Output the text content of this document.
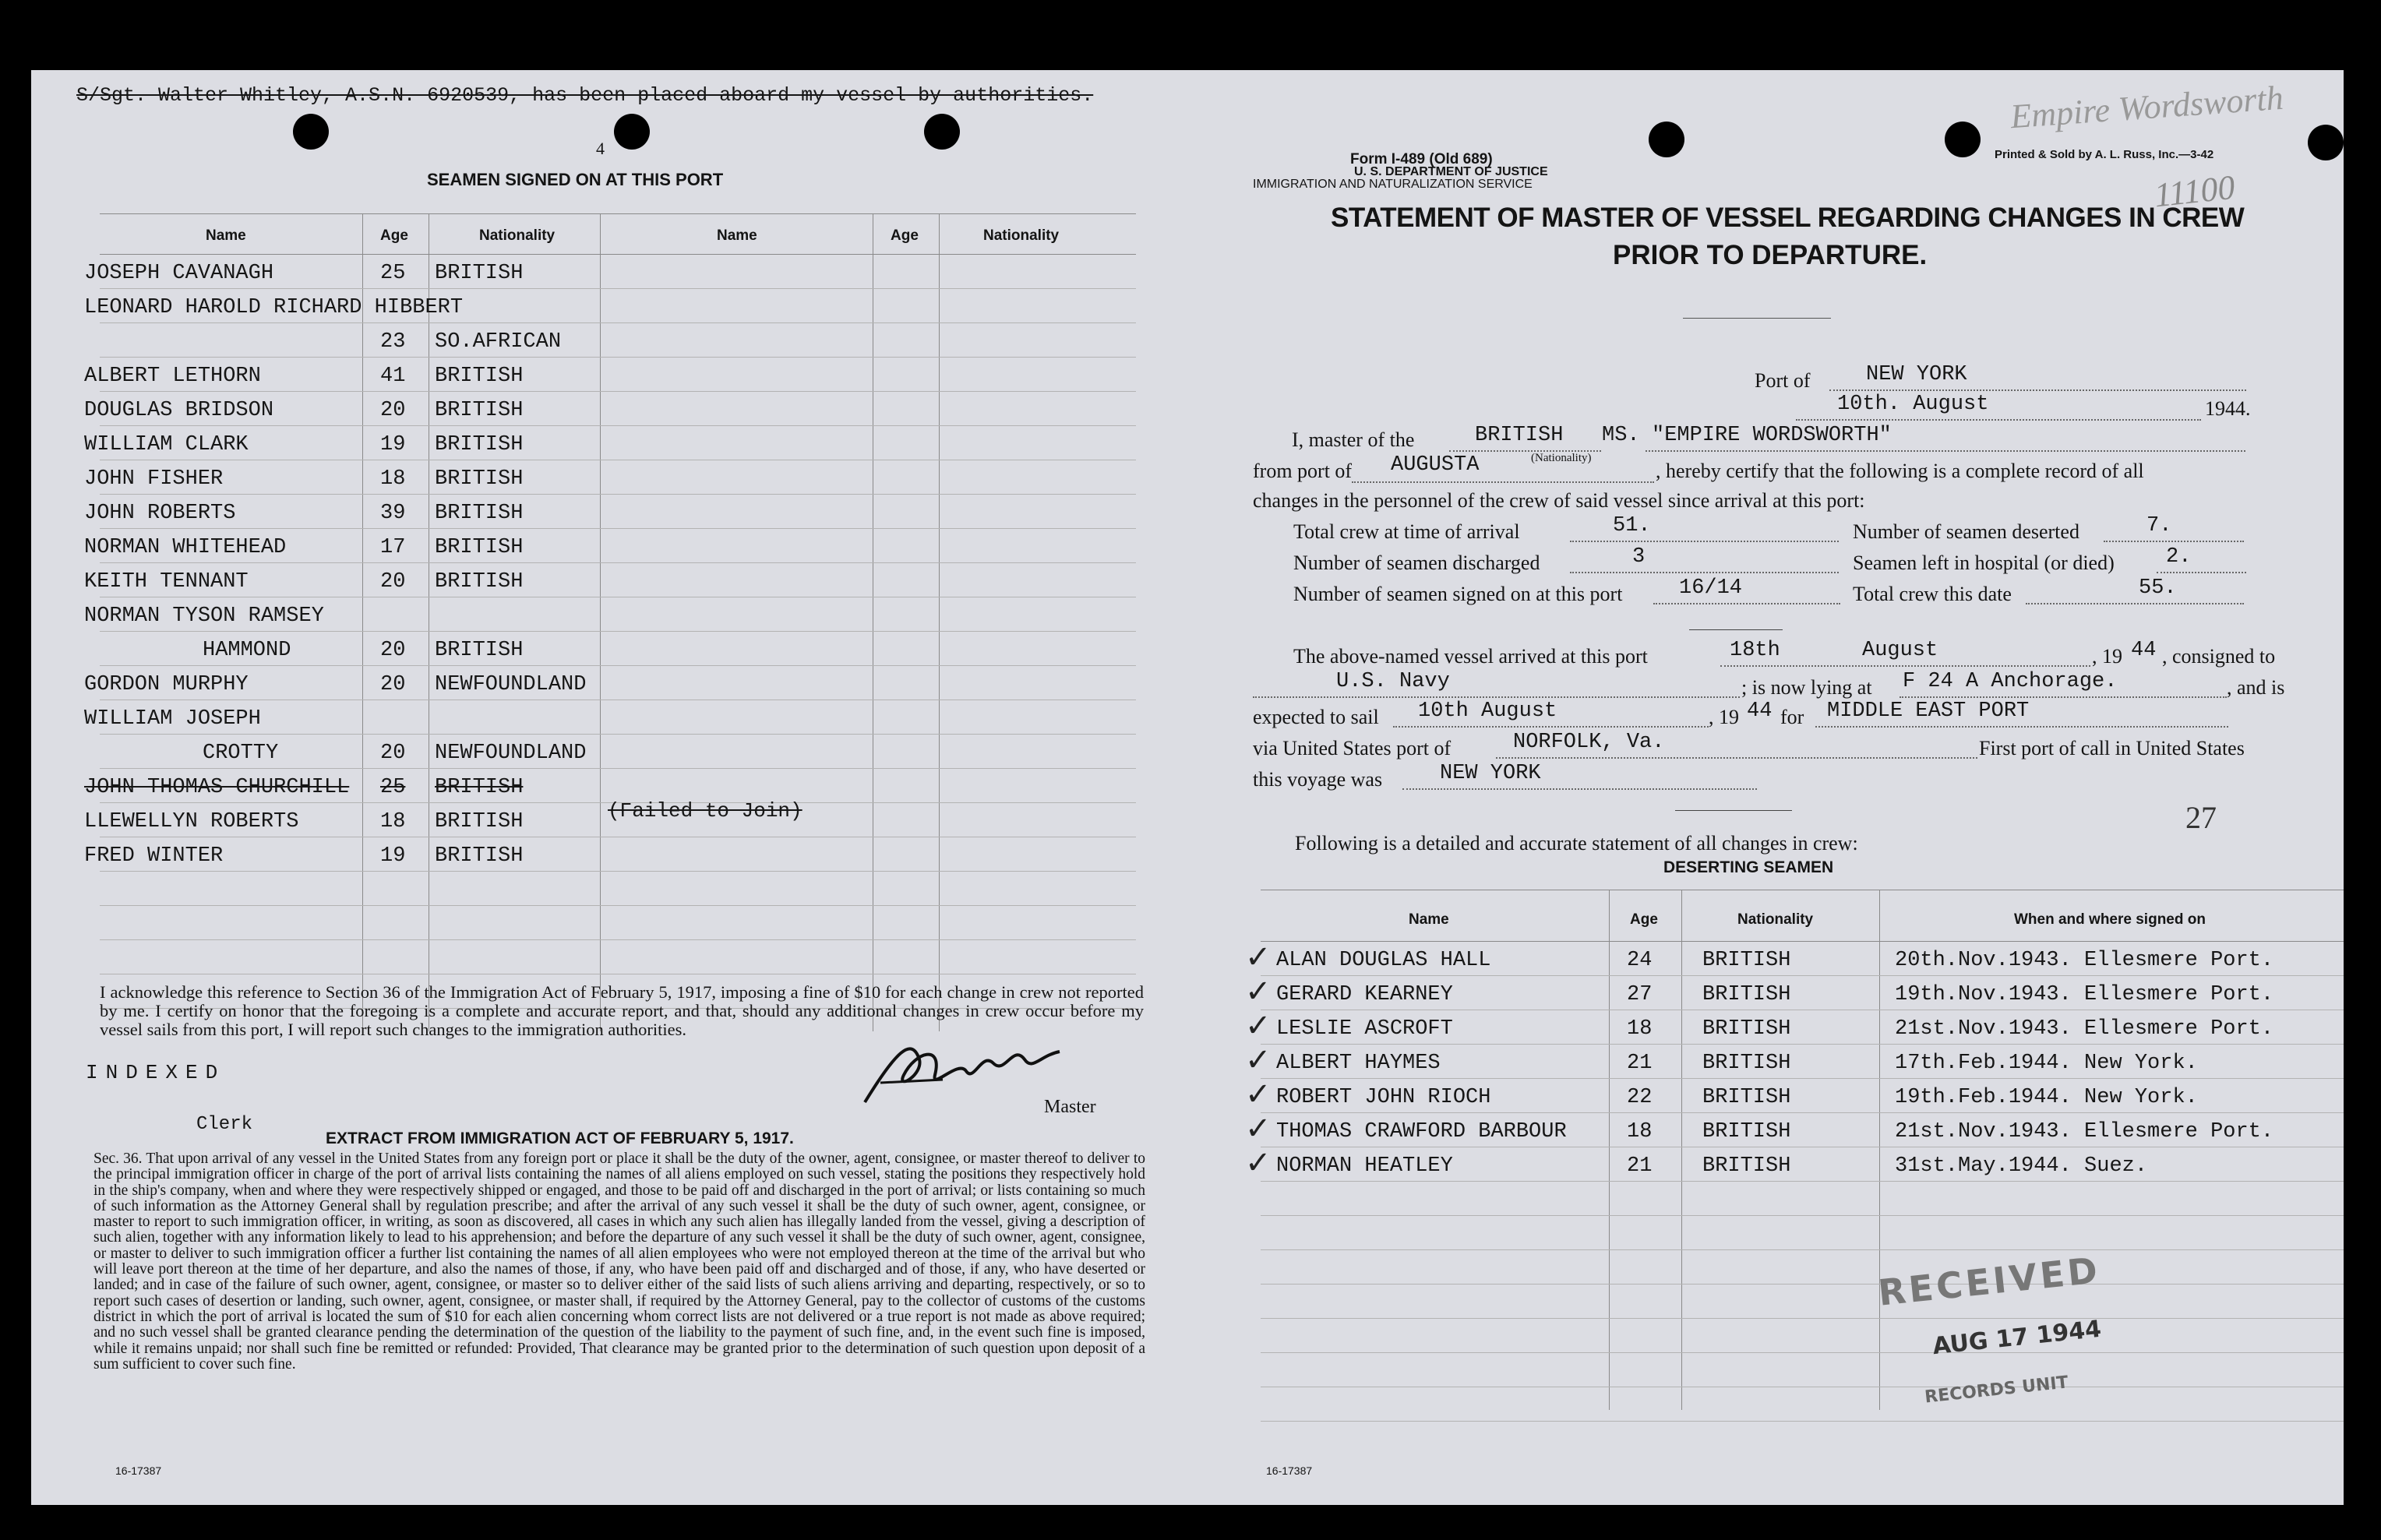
S/Sgt. Walter Whitley, A.S.N. 6920539, has been placed aboard my vessel by authorities.
4
SEAMEN SIGNED ON AT THIS PORT
Name	Age	Nationality	Name	Age	Nationality
JOSEPH CAVANAGH	25 BRITISH
LEONARD HAROLD RICHARD HIBBERT
23 SO.AFRICAN
ALBERT LETHORN	41 BRITISH
DOUGLAS BRIDSON	20 BRITISH
WILLIAM CLARK	19 BRITISH
JOHN FISHER	18 BRITISH
JOHN ROBERTS	39 BRITISH
NORMAN WHITEHEAD	17 BRITISH
KEITH TENNANT	20 BRITISH
NORMAN TYSON RAMSEY
HAMMOND	20 BRITISH
GORDON MURPHY	20 NEWFOUNDLAND
WILLIAM JOSEPH
CROTTY	20 NEWFOUNDLAND
JOHN THOMAS CHURCHILL 25 BRITISH
LLEWELLYN ROBERTS	18 BRITISH
FRED WINTER	19 BRITISH
(Failed to Join)
I acknowledge this reference to Section 36 of the Immigration Act of February 5, 1917, imposing a fine of $10 for each change in crew not reported by me. I certify on honor that the foregoing is a complete and accurate report, and that, should any additional changes in crew occur before my vessel sails from this port, I will report such changes to the immigration authorities.
INDEXED
Clerk
Master
EXTRACT FROM IMMIGRATION ACT OF FEBRUARY 5, 1917.
Sec. 36. That upon arrival of any vessel in the United States from any foreign port or place it shall be the duty of the owner, agent, consignee, or master thereof to deliver to the principal immigration officer in charge of the port of arrival lists containing the names of all aliens employed on such vessel, stating the positions they respectively hold in the ship's company, when and where they were respectively shipped or engaged, and those to be paid off and discharged in the port of arrival; or lists containing so much of such information as the Attorney General shall by regulation prescribe; and after the arrival of any such vessel it shall be the duty of such owner, agent, consignee, or master to report to such immigration officer, in writing, as soon as discovered, all cases in which any such alien has illegally landed from the vessel, giving a description of such alien, together with any information likely to lead to his apprehension; and before the departure of any such vessel it shall be the duty of such owner, agent, consignee, or master to deliver to such immigration officer a further list containing the names of all alien employees who were not employed thereon at the time of the arrival but who will leave port thereon at the time of her departure, and also the names of those, if any, who have been paid off and discharged and of those, if any, who have deserted or landed; and in case of the failure of such owner, agent, consignee, or master so to deliver either of the said lists of such aliens arriving and departing, respectively, or so to report such cases of desertion or landing, such owner, agent, consignee, or master shall, if required by the Attorney General, pay to the collector of customs of the customs district in which the port of arrival is located the sum of $10 for each alien concerning whom correct lists are not delivered or a true report is not made as above required; and no such vessel shall be granted clearance pending the determination of the question of the liability to the payment of such fine, and, in the event such fine is imposed, while it remains unpaid; nor shall such fine be remitted or refunded: Provided, That clearance may be granted prior to the determination of such question upon deposit of a sum sufficient to cover such fine.
16-17387
Form I-489 (Old 689)
U. S. DEPARTMENT OF JUSTICE
IMMIGRATION AND NATURALIZATION SERVICE
Printed & Sold by A. L. Russ, Inc.—3-42
Empire Wordsworth
11100
STATEMENT OF MASTER OF VESSEL REGARDING CHANGES IN CREW
PRIOR TO DEPARTURE.
Port of	NEW YORK
10th. August	1944.
I, master of the	BRITISH
(Nationality)
MS. "EMPIRE WORDSWORTH"
from port of AUGUSTA	, hereby certify that the following is a complete record of all
changes in the personnel of the crew of said vessel since arrival at this port:
Total crew at time of arrival	51.	Number of seamen deserted	7.
Number of seamen discharged	3	Seamen left in hospital (or died) 2.
Number of seamen signed on at this port	16/14	Total crew this date	55.
The above-named vessel arrived at this port	18th	August	, 19 44 , consigned to
U.S. Navy	; is now lying at F 24 A Anchorage.	, and is
expected to sail 10th August	, 19 44 for MIDDLE EAST PORT
via United States port of	NORFOLK, Va.	First port of call in United States
this voyage was	NEW YORK
27
Following is a detailed and accurate statement of all changes in crew:
DESERTING SEAMEN
Name	Age	Nationality	When and where signed on
✓ ALAN DOUGLAS HALL	24 BRITISH	20th.Nov.1943. Ellesmere Port.
✓ GERARD KEARNEY	27 BRITISH	19th.Nov.1943. Ellesmere Port.
✓ LESLIE ASCROFT	18 BRITISH	21st.Nov.1943. Ellesmere Port.
✓ ALBERT HAYMES	21 BRITISH	17th.Feb.1944. New York.
✓ ROBERT JOHN RIOCH	22 BRITISH	19th.Feb.1944. New York.
✓ THOMAS CRAWFORD BARBOUR	18 BRITISH	21st.Nov.1943. Ellesmere Port.
✓ NORMAN HEATLEY	21 BRITISH	31st.May.1944. Suez.
RECEIVED
AUG 17 1944
RECORDS UNIT
16-17387
